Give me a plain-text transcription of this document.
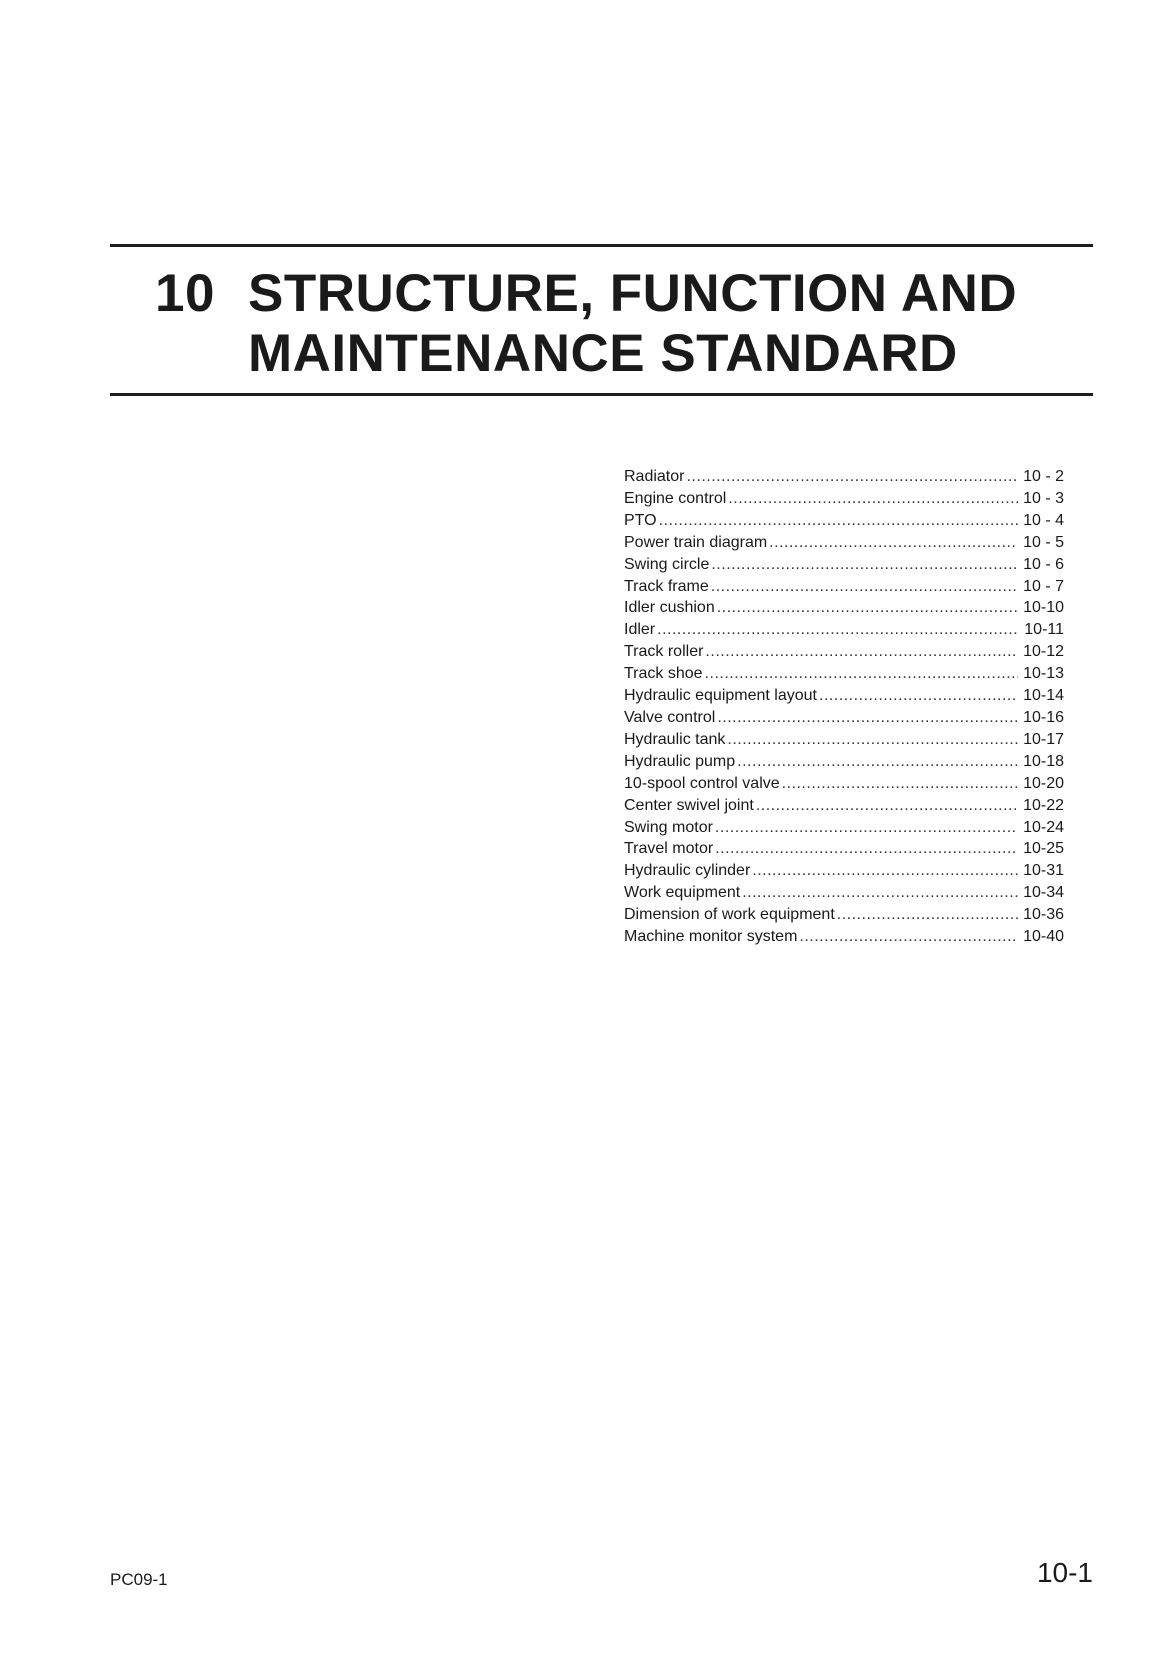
10 STRUCTURE, FUNCTION AND
MAINTENANCE STANDARD
Radiator .....	10 - 2
Engine control .....	10 - 3
PTO .....	10 - 4
Power train diagram .....	10 - 5
Swing circle .....	10 - 6
Track frame .....	10 - 7
Idler cushion .....	10-10
Idler .....	10-11
Track roller .....	10-12
Track shoe .....	10-13
Hydraulic equipment layout .....	10-14
Valve control .....	10-16
Hydraulic tank .....	10-17
Hydraulic pump .....	10-18
10-spool control valve .....	10-20
Center swivel joint .....	10-22
Swing motor .....	10-24
Travel motor .....	10-25
Hydraulic cylinder .....	10-31
Work equipment .....	10-34
Dimension of work equipment .....	10-36
Machine monitor system .....	10-40
PC09-1	10-1
